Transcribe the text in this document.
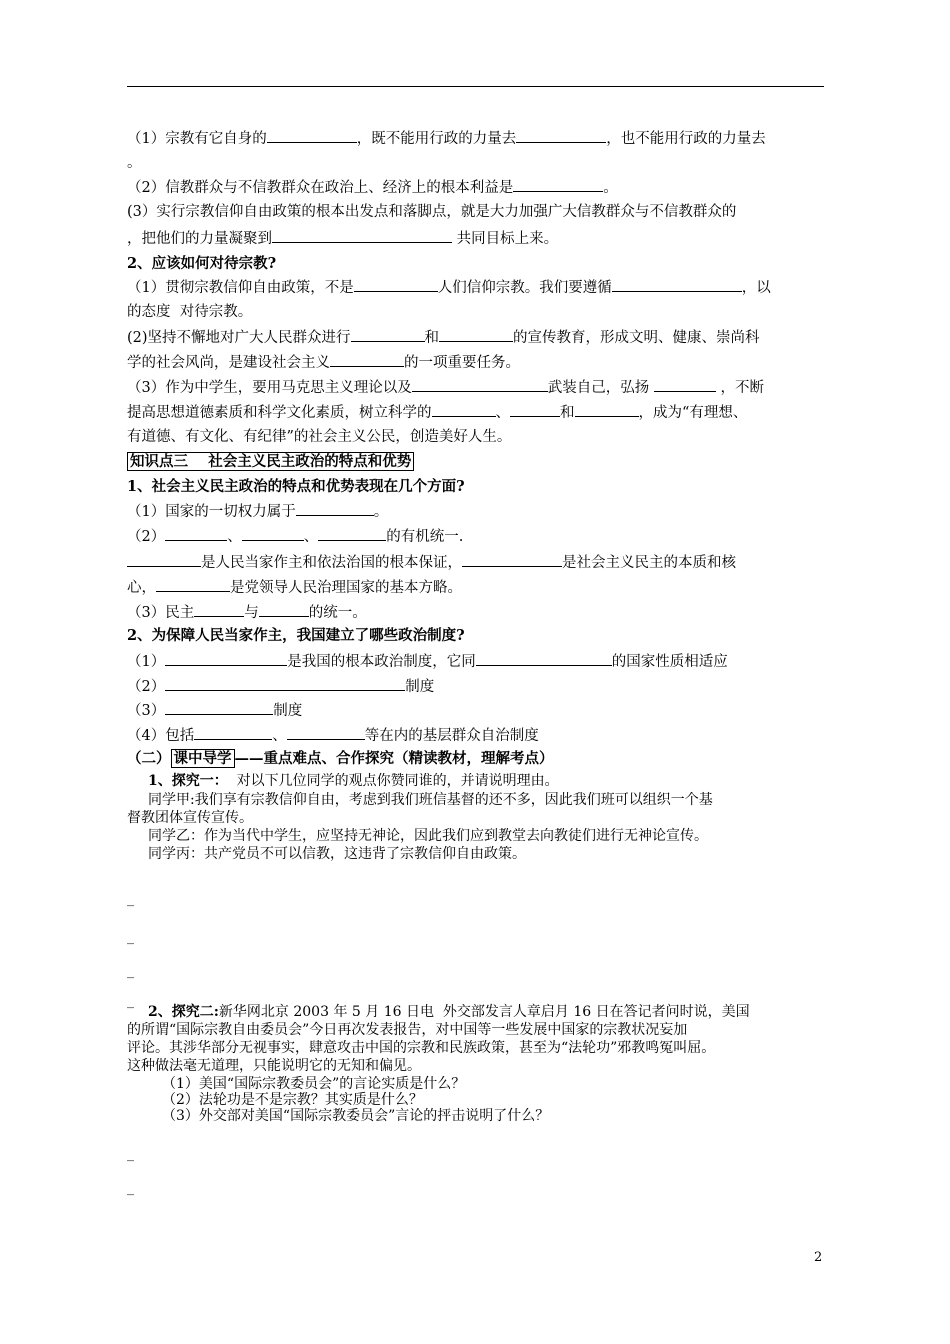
（1）宗教有它自身的	，既不能用行政的力量去	，也不能用行政的力量去
。
（2）信教群众与不信教群众在政治上、经济上的根本利益是	。
(3）实行宗教信仰自由政策的根本出发点和落脚点，就是大力加强广大信教群众与不信教群众的
，把他们的力量凝聚到	共同目标上来。
2、应该如何对待宗教?
（1）贯彻宗教信仰自由政策，不是	人们信仰宗教。我们要遵循	，以
的态度  对待宗教。
(2)坚持不懈地对广大人民群众进行	和	的宣传教育，形成文明、健康、崇尚科
学的社会风尚，是建设社会主义	的一项重要任务。
（3）作为中学生，要用马克思主义理论以及	武装自己，弘扬	，不断
提高思想道德素质和科学文化素质，树立科学的	、	和	，成为“有理想、
有道德、有文化、有纪律”的社会主义公民，创造美好人生。
知识点三    社会主义民主政治的特点和优势
1、社会主义民主政治的特点和优势表现在几个方面?
（1）国家的一切权力属于	。
（2）	、	、	的有机统一.
是人民当家作主和依法治国的根本保证，	是社会主义民主的本质和核
心，	是党领导人民治理国家的基本方略。
（3）民主	与	的统一。
2、为保障人民当家作主，我国建立了哪些政治制度?
（1）	是我国的根本政治制度，它同	的国家性质相适应
（2）	制度
（3）	制度
（4）包括	、	等在内的基层群众自治制度
（二） 课中导学 ——重点难点、合作探究（精读教材，理解考点）
1、探究一：  对以下几位同学的观点你赞同谁的，并请说明理由。
同学甲:我们享有宗教信仰自由，考虑到我们班信基督的还不多，因此我们班可以组织一个基
督教团体宣传宣传。
同学乙：作为当代中学生，应坚持无神论，因此我们应到教堂去向教徒们进行无神论宣传。
同学丙：共产党员不可以信教，这违背了宗教信仰自由政策。
_
_
_
_
2、探究二:新华网北京 2003 年 5 月 16 日电  外交部发言人章启月 16 日在答记者问时说，美国
的所谓“国际宗教自由委员会”今日再次发表报告，对中国等一些发展中国家的宗教状况妄加
评论。其涉华部分无视事实，肆意攻击中国的宗教和民族政策，甚至为“法轮功”邪教鸣冤叫屈。
这种做法毫无道理，只能说明它的无知和偏见。
（1）美国“国际宗教委员会”的言论实质是什么？
（2）法轮功是不是宗教？其实质是什么？
（3）外交部对美国“国际宗教委员会”言论的抨击说明了什么？
_
_
2
